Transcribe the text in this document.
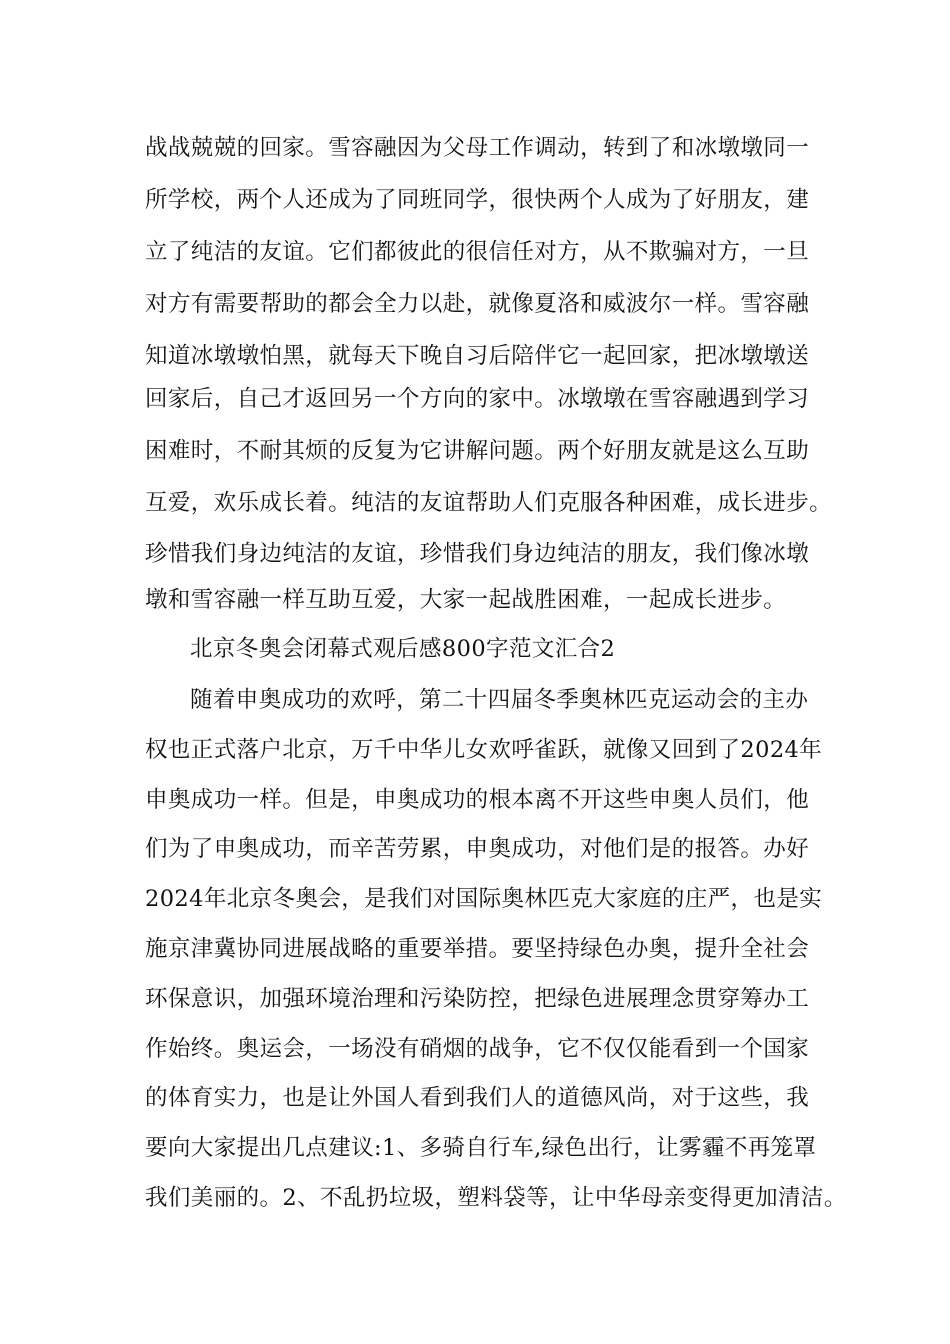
战战兢兢的回家。雪容融因为父母工作调动，转到了和冰墩墩同一
所学校，两个人还成为了同班同学，很快两个人成为了好朋友，建
立了纯洁的友谊。它们都彼此的很信任对方，从不欺骗对方，一旦
对方有需要帮助的都会全力以赴，就像夏洛和威波尔一样。雪容融
知道冰墩墩怕黑，就每天下晚自习后陪伴它一起回家，把冰墩墩送
回家后，自己才返回另一个方向的家中。冰墩墩在雪容融遇到学习
困难时，不耐其烦的反复为它讲解问题。两个好朋友就是这么互助
互爱，欢乐成长着。纯洁的友谊帮助人们克服各种困难，成长进步。
珍惜我们身边纯洁的友谊，珍惜我们身边纯洁的朋友，我们像冰墩
墩和雪容融一样互助互爱，大家一起战胜困难，一起成长进步。
北京冬奥会闭幕式观后感800字范文汇合2
随着申奥成功的欢呼，第二十四届冬季奥林匹克运动会的主办
权也正式落户北京，万千中华儿女欢呼雀跃，就像又回到了2024年
申奥成功一样。但是，申奥成功的根本离不开这些申奥人员们，他
们为了申奥成功，而辛苦劳累，申奥成功，对他们是的报答。办好
2024年北京冬奥会，是我们对国际奥林匹克大家庭的庄严，也是实
施京津冀协同进展战略的重要举措。要坚持绿色办奥，提升全社会
环保意识，加强环境治理和污染防控，把绿色进展理念贯穿筹办工
作始终。奥运会，一场没有硝烟的战争，它不仅仅能看到一个国家
的体育实力，也是让外国人看到我们人的道德风尚，对于这些，我
要向大家提出几点建议:1、多骑自行车,绿色出行，让雾霾不再笼罩
我们美丽的。2、不乱扔垃圾，塑料袋等，让中华母亲变得更加清洁。
